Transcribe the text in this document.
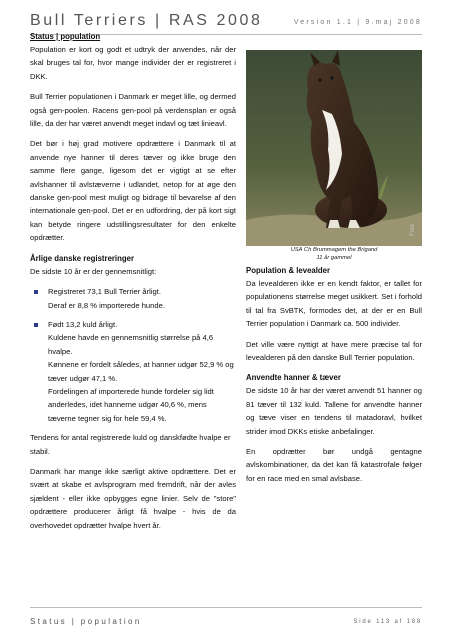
Bull Terriers | RAS 2008	Version 1.1 | 9.maj 2008
Status | population

Population er kort og godt et udtryk der anvendes, når der skal bruges tal for, hvor mange individer der er registreret i DKK.

Bull Terrier populationen i Danmark er meget lille, og dermed også gen-poolen. Racens gen-pool på verdensplan er også lille, da der har været anvendt meget indavl og tæt linieavl.

Det bør i høj grad motivere opdrættere i Danmark til at anvende nye hanner til deres tæver og ikke bruge den samme flere gange, ligesom det er vigtigt at se efter avlshanner til avlstæverne i udlandet, netop for at øge den danske gen-pool mest muligt og bidrage til bevarelse af den internationale gen-pool. Det er en udfordring, der på kort sigt kan betyde ringere udstillingsresultater for den enkelte opdrætter.

Årlige danske registreringer

De sidste 10 år er der gennemsnitligt:

Registreret 73,1 Bull Terrier årligt.
Deraf er 8,8 % importerede hunde.
Født 13,2 kuld årligt.
Kuldene havde en gennemsnitlig størrelse på 4,6 hvalpe.
Kønnene er fordelt således, at hanner udgør 52,9 % og tæver udgør 47,1 %.
Fordelingen af importerede hunde fordeler sig lidt anderledes, idet hannerne udgør 40,6 %, mens tæverne tegner sig for hele 59,4 %.

Tendens for antal registrerede kuld og danskfødte hvalpe er stabil.

Danmark har mange ikke særligt aktive opdrættere. Det er svært at skabe et avlsprogram med fremdrift, når der avles sjældent - eller ikke opbygges egne linier. Selv de "store" opdrættere producerer årligt få hvalpe - hvis de da overhovedet opdrætter hvalpe hvert år.

Foto
USA Ch Brummagem the Brigand
11 år gammel
Population & levealder

Da levealderen ikke er en kendt faktor, er tallet for populationens størrelse meget usikkert. Set i forhold til tal fra SvBTK, formodes det, at der er en Bull Terrier population i Danmark ca. 500 individer.

Det ville være nyttigt at have mere præcise tal for levealderen på den danske Bull Terrier population.

Anvendte hanner & tæver

De sidste 10 år har der været anvendt 51 hanner og 81 tæver til 132 kuld. Tallene for anvendte hanner og tæve viser en tendens til matadoravl, hvilket strider imod DKKs etiske anbefalinger.

En opdrætter bør undgå gentagne avlskombinationer, da det kan få katastrofale følger for en race med en smal avlsbase.

Status | population	Side 113 af 188
